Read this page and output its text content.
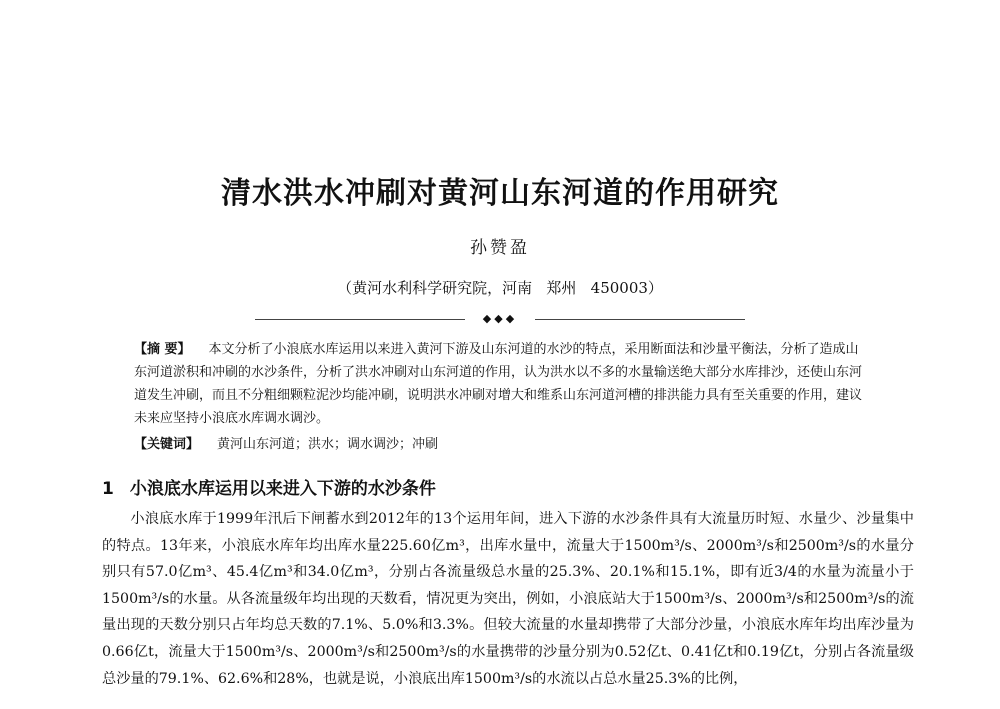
清水洪水冲刷对黄河山东河道的作用研究
孙赞盈
（黄河水利科学研究院，河南   郑州   450003）
◆◆◆
【摘 要】 本文分析了小浪底水库运用以来进入黄河下游及山东河道的水沙的特点，采用断面法和沙量平衡法，分析了造成山东河道淤积和冲刷的水沙条件，分析了洪水冲刷对山东河道的作用，认为洪水以不多的水量输送绝大部分水库排沙，还使山东河道发生冲刷，而且不分粗细颗粒泥沙均能冲刷，说明洪水冲刷对增大和维系山东河道河槽的排洪能力具有至关重要的作用，建议未来应坚持小浪底水库调水调沙。
【关键词】 黄河山东河道；洪水；调水调沙；冲刷
1 小浪底水库运用以来进入下游的水沙条件

小浪底水库于1999年汛后下闸蓄水到2012年的13个运用年间，进入下游的水沙条件具有大流量历时短、水量少、沙量集中的特点。13年来，小浪底水库年均出库水量225.60亿m³，出库水量中，流量大于1500m³/s、2000m³/s和2500m³/s的水量分别只有57.0亿m³、45.4亿m³和34.0亿m³，分别占各流量级总水量的25.3%、20.1%和15.1%，即有近3/4的水量为流量小于1500m³/s的水量。从各流量级年均出现的天数看，情况更为突出，例如，小浪底站大于1500m³/s、2000m³/s和2500m³/s的流量出现的天数分别只占年均总天数的7.1%、5.0%和3.3%。但较大流量的水量却携带了大部分沙量，小浪底水库年均出库沙量为0.66亿t，流量大于1500m³/s、2000m³/s和2500m³/s的水量携带的沙量分别为0.52亿t、0.41亿t和0.19亿t，分别占各流量级总沙量的79.1%、62.6%和28%，也就是说，小浪底出库1500m³/s的水流以占总水量25.3%的比例，
